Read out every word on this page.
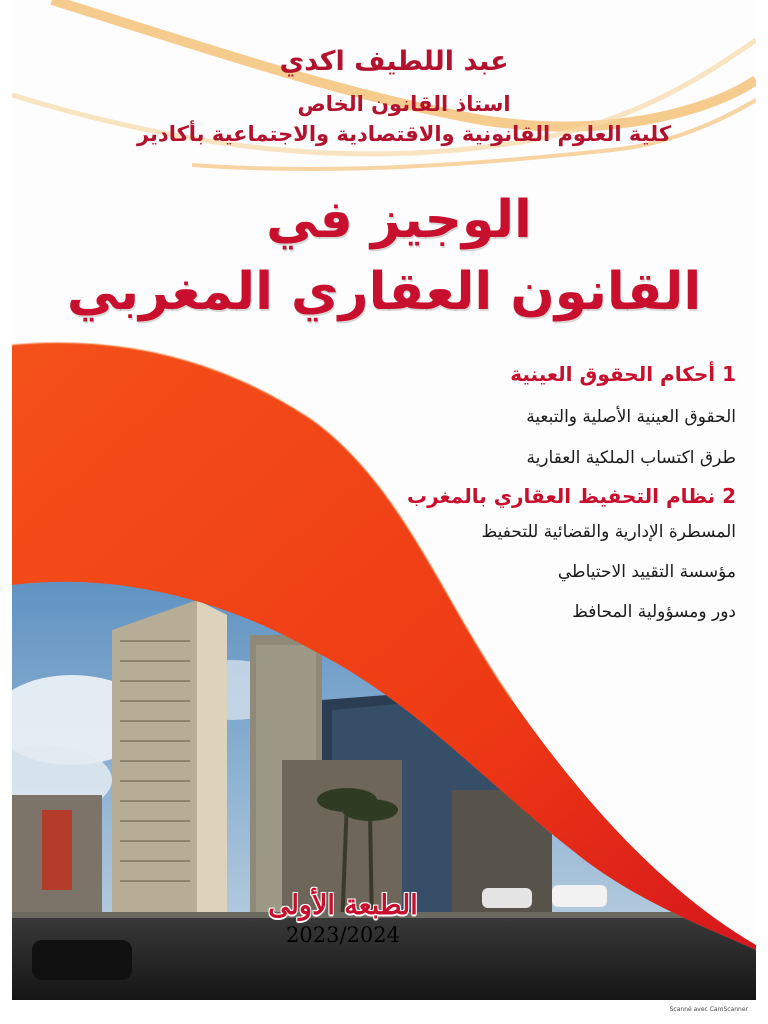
عبد اللطيف اكدي
استاذ القانون الخاص
كلية العلوم القانونية والاقتصادية والاجتماعية بأكادير
الوجيز في
القانون العقاري المغربي
1 أحكام الحقوق العينية
الحقوق العينية الأصلية والتبعية
طرق اكتساب الملكية العقارية
2 نظام التحفيظ العقاري بالمغرب
المسطرة الإدارية والقضائية للتحفيظ
مؤسسة التقييد الاحتياطي
دور ومسؤولية المحافظ
الطبعة الأولى
2023/2024
Scanné avec CamScanner
